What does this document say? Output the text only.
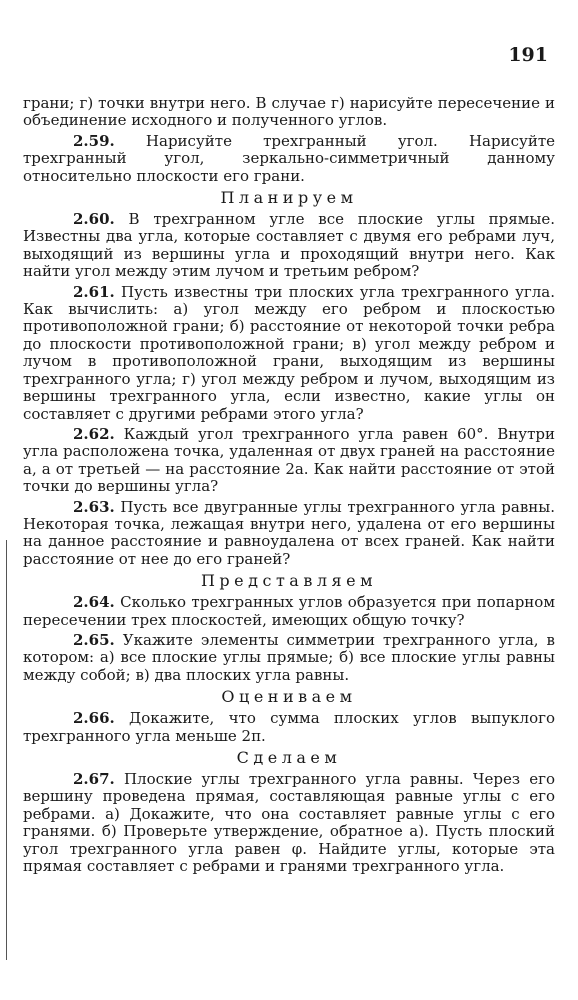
191

грани; г) точки внутри него. В случае г) нарисуйте пересечение и объединение исходного и полученного углов.

2.59. Нарисуйте трехгранный угол. Нарисуйте трехгранный угол, зеркально-симметричный данному относительно плоскости его грани.

Планируем

2.60. В трехгранном угле все плоские углы прямые. Известны два угла, которые составляет с двумя его ребрами луч, выходящий из вершины угла и проходящий внутри него. Как найти угол между этим лучом и третьим ребром?

2.61. Пусть известны три плоских угла трехгранного угла. Как вычислить: а) угол между его ребром и плоскостью противоположной грани; б) расстояние от некоторой точки ребра до плоскости противоположной грани; в) угол между ребром и лучом в противоположной грани, выходящим из вершины трехгранного угла; г) угол между ребром и лучом, выходящим из вершины трехгранного угла, если известно, какие углы он составляет с другими ребрами этого угла?

2.62. Каждый угол трехгранного угла равен 60°. Внутри угла расположена точка, удаленная от двух граней на расстояние a, а от третьей — на расстояние 2a. Как найти расстояние от этой точки до вершины угла?

2.63. Пусть все двугранные углы трехгранного угла равны. Некоторая точка, лежащая внутри него, удалена от его вершины на данное расстояние и равноудалена от всех граней. Как найти расстояние от нее до его граней?

Представляем

2.64. Сколько трехгранных углов образуется при попарном пересечении трех плоскостей, имеющих общую точку?

2.65. Укажите элементы симметрии трехгранного угла, в котором: а) все плоские углы прямые; б) все плоские углы равны между собой; в) два плоских угла равны.

Оцениваем

2.66. Докажите, что сумма плоских углов выпуклого трехгранного угла меньше 2π.

Сделаем

2.67. Плоские углы трехгранного угла равны. Через его вершину проведена прямая, составляющая равные углы с его ребрами. а) Докажите, что она составляет равные углы с его гранями. б) Проверьте утверждение, обратное а). Пусть плоский угол трехгранного угла равен φ. Найдите углы, которые эта прямая составляет с ребрами и гранями трехгранного угла.
